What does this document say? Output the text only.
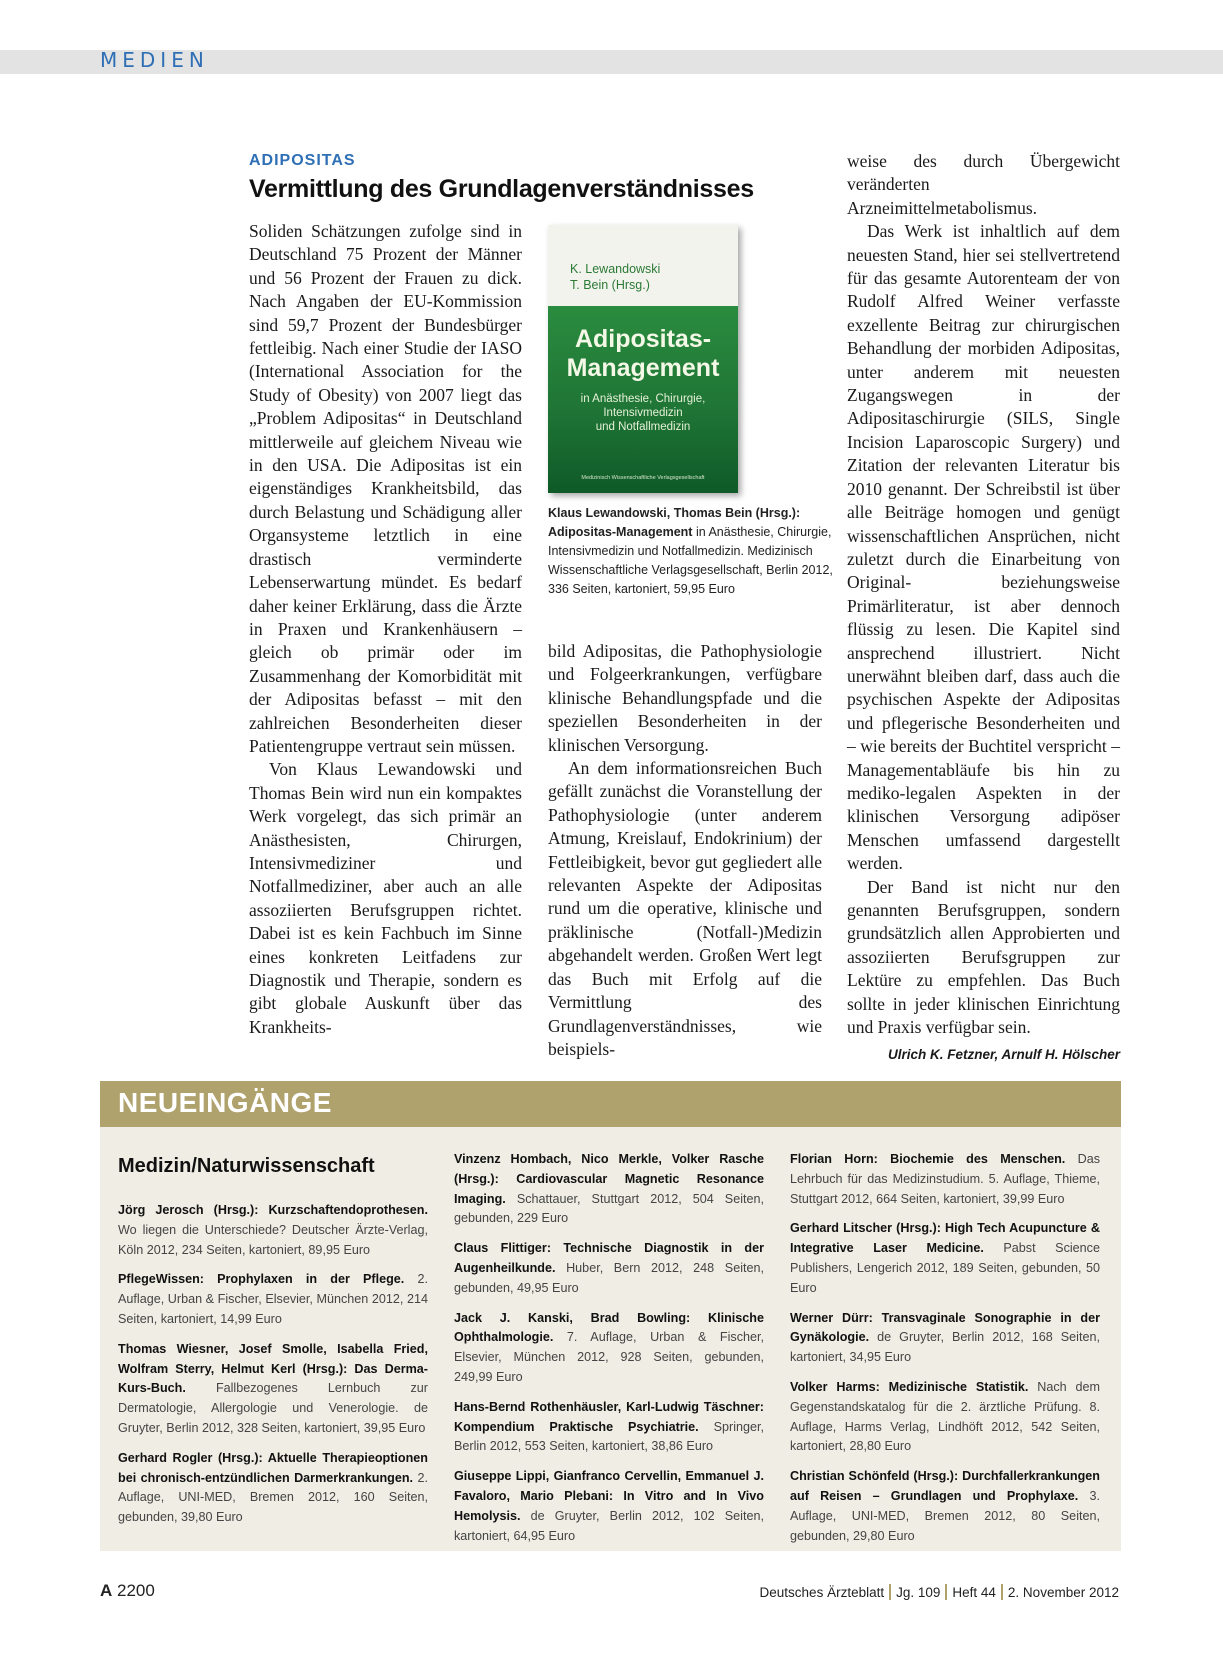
MEDIEN
ADIPOSITAS
Vermittlung des Grundlagenverständnisses

Soliden Schätzungen zufolge sind in Deutschland 75 Prozent der Männer und 56 Prozent der Frauen zu dick. Nach Angaben der EU-Kommission sind 59,7 Prozent der Bundesbürger fettleibig. Nach einer Studie der IASO (International Association for the Study of Obesity) von 2007 liegt das „Problem Adipositas“ in Deutschland mittlerweile auf gleichem Niveau wie in den USA. Die Adipositas ist ein eigenständiges Krankheitsbild, das durch Belastung und Schädigung aller Organsysteme letztlich in eine drastisch verminderte Lebenserwartung mündet. Es bedarf daher keiner Erklärung, dass die Ärzte in Praxen und Krankenhäusern – gleich ob primär oder im Zusammenhang der Komorbidität mit der Adipositas befasst – mit den zahlreichen Besonderheiten dieser Patientengruppe vertraut sein müssen.

Von Klaus Lewandowski und Thomas Bein wird nun ein kompaktes Werk vorgelegt, das sich primär an Anästhesisten, Chirurgen, Intensivmediziner und Notfallmediziner, aber auch an alle assoziierten Berufsgruppen richtet. Dabei ist es kein Fachbuch im Sinne eines konkreten Leitfadens zur Diagnostik und Therapie, sondern es gibt globale Auskunft über das Krankheits-

K. Lewandowski
T. Bein (Hrsg.)
Adipositas-
Management
in Anästhesie, Chirurgie,
Intensivmedizin
und Notfallmedizin
Medizinisch Wissenschaftliche Verlagsgesellschaft
Klaus Lewandowski, Thomas Bein (Hrsg.):
Adipositas-Management in Anästhesie, Chirurgie, Intensivmedizin und Notfallmedizin. Medizinisch Wissenschaftliche Verlagsgesellschaft, Berlin 2012, 336 Seiten, kartoniert, 59,95 Euro

bild Adipositas, die Pathophysiologie und Folgeerkrankungen, verfügbare klinische Behandlungspfade und die speziellen Besonderheiten in der klinischen Versorgung.

An dem informationsreichen Buch gefällt zunächst die Voranstellung der Pathophysiologie (unter anderem Atmung, Kreislauf, Endokrinium) der Fettleibigkeit, bevor gut gegliedert alle relevanten Aspekte der Adipositas rund um die operative, klinische und präklinische (Notfall-)Medizin abgehandelt werden. Großen Wert legt das Buch mit Erfolg auf die Vermittlung des Grundlagenverständnisses, wie beispiels-

weise des durch Übergewicht veränderten Arzneimittelmetabolismus.

Das Werk ist inhaltlich auf dem neuesten Stand, hier sei stellvertretend für das gesamte Autorenteam der von Rudolf Alfred Weiner verfasste exzellente Beitrag zur chirurgischen Behandlung der morbiden Adipositas, unter anderem mit neuesten Zugangswegen in der Adipositaschirurgie (SILS, Single Incision Laparoscopic Surgery) und Zitation der relevanten Literatur bis 2010 genannt. Der Schreibstil ist über alle Beiträge homogen und genügt wissenschaftlichen Ansprüchen, nicht zuletzt durch die Einarbeitung von Original- beziehungsweise Primärliteratur, ist aber dennoch flüssig zu lesen. Die Kapitel sind ansprechend illustriert. Nicht unerwähnt bleiben darf, dass auch die psychischen Aspekte der Adipositas und pflegerische Besonderheiten und – wie bereits der Buchtitel verspricht – Managementabläufe bis hin zu mediko-legalen Aspekten in der klinischen Versorgung adipöser Menschen umfassend dargestellt werden.

Der Band ist nicht nur den genannten Berufsgruppen, sondern grundsätzlich allen Approbierten und assoziierten Berufsgruppen zur Lektüre zu empfehlen. Das Buch sollte in jeder klinischen Einrichtung und Praxis verfügbar sein.

Ulrich K. Fetzner, Arnulf H. Hölscher

NEUEINGÄNGE
Medizin/Naturwissenschaft

Jörg Jerosch (Hrsg.): Kurzschaftendoprothesen. Wo liegen die Unterschiede? Deutscher Ärzte-Verlag, Köln 2012, 234 Seiten, kartoniert, 89,95 Euro

PflegeWissen: Prophylaxen in der Pflege. 2. Auflage, Urban & Fischer, Elsevier, München 2012, 214 Seiten, kartoniert, 14,99 Euro

Thomas Wiesner, Josef Smolle, Isabella Fried, Wolfram Sterry, Helmut Kerl (Hrsg.): Das Derma-Kurs-Buch. Fallbezogenes Lernbuch zur Dermatologie, Allergologie und Venerologie. de Gruyter, Berlin 2012, 328 Seiten, kartoniert, 39,95 Euro

Gerhard Rogler (Hrsg.): Aktuelle Therapieoptionen bei chronisch-entzündlichen Darmerkrankungen. 2. Auflage, UNI-MED, Bremen 2012, 160 Seiten, gebunden, 39,80 Euro

Vinzenz Hombach, Nico Merkle, Volker Rasche (Hrsg.): Cardiovascular Magnetic Resonance Imaging. Schattauer, Stuttgart 2012, 504 Seiten, gebunden, 229 Euro

Claus Flittiger: Technische Diagnostik in der Augenheilkunde. Huber, Bern 2012, 248 Seiten, gebunden, 49,95 Euro

Jack J. Kanski, Brad Bowling: Klinische Ophthalmologie. 7. Auflage, Urban & Fischer, Elsevier, München 2012, 928 Seiten, gebunden, 249,99 Euro

Hans-Bernd Rothenhäusler, Karl-Ludwig Täschner: Kompendium Praktische Psychiatrie. Springer, Berlin 2012, 553 Seiten, kartoniert, 38,86 Euro

Giuseppe Lippi, Gianfranco Cervellin, Emmanuel J. Favaloro, Mario Plebani: In Vitro and In Vivo Hemolysis. de Gruyter, Berlin 2012, 102 Seiten, kartoniert, 64,95 Euro

Florian Horn: Biochemie des Menschen. Das Lehrbuch für das Medizinstudium. 5. Auflage, Thieme, Stuttgart 2012, 664 Seiten, kartoniert, 39,99 Euro

Gerhard Litscher (Hrsg.): High Tech Acupuncture & Integrative Laser Medicine. Pabst Science Publishers, Lengerich 2012, 189 Seiten, gebunden, 50 Euro

Werner Dürr: Transvaginale Sonographie in der Gynäkologie. de Gruyter, Berlin 2012, 168 Seiten, kartoniert, 34,95 Euro

Volker Harms: Medizinische Statistik. Nach dem Gegenstandskatalog für die 2. ärztliche Prüfung. 8. Auflage, Harms Verlag, Lindhöft 2012, 542 Seiten, kartoniert, 28,80 Euro

Christian Schönfeld (Hrsg.): Durchfallerkrankungen auf Reisen – Grundlagen und Prophylaxe. 3. Auflage, UNI-MED, Bremen 2012, 80 Seiten, gebunden, 29,80 Euro

A 2200	Deutsches Ärzteblatt Jg. 109 Heft 44 2. November 2012
